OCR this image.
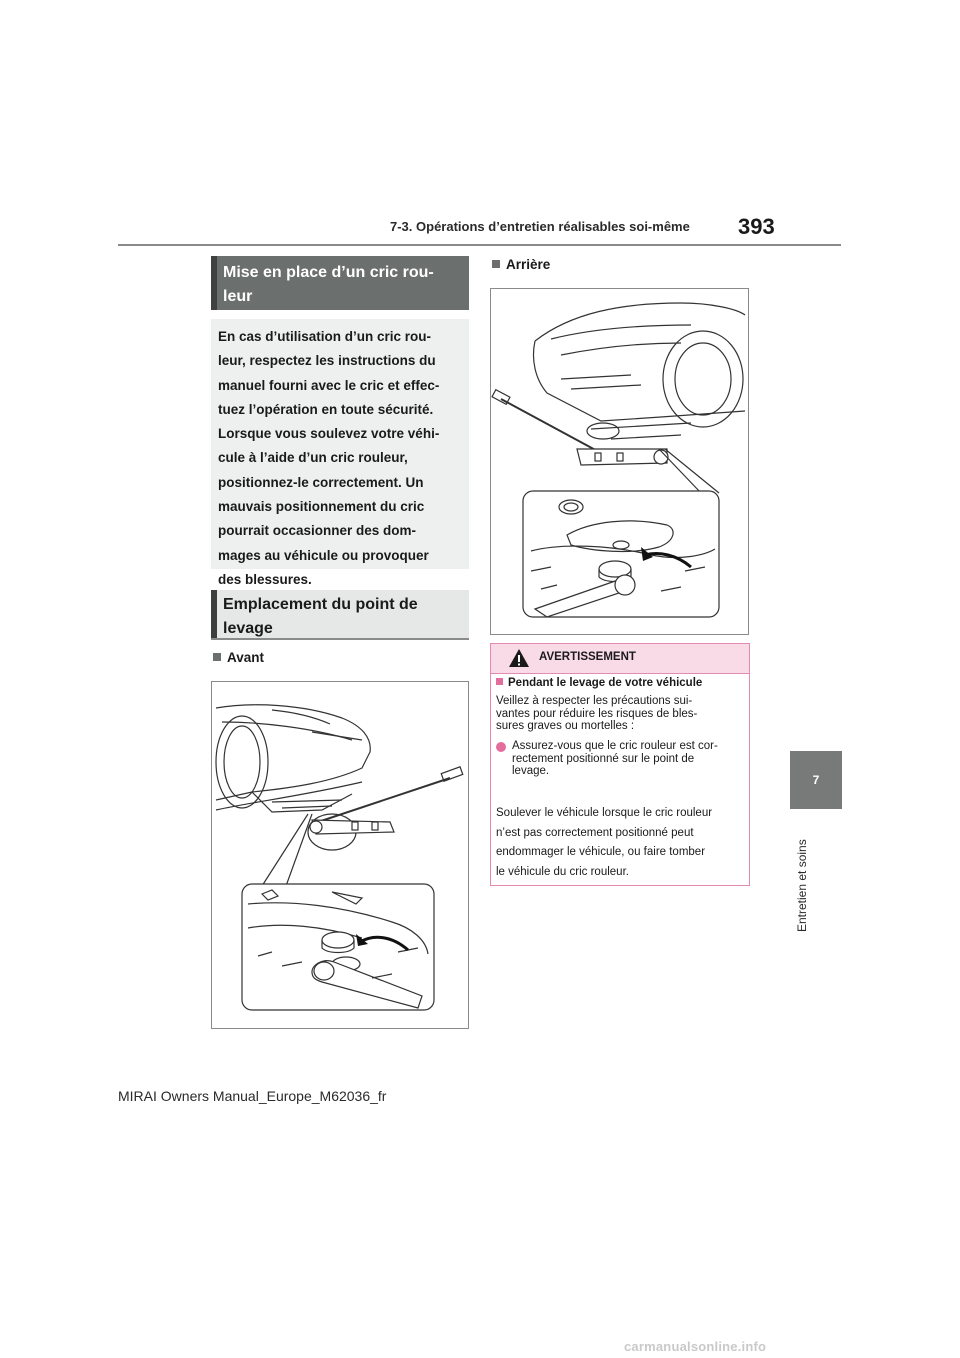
7-3. Opérations d’entretien réalisables soi-même 393
7
Entretien et soins
Mise en place d’un cric rou-
leur

En cas d’utilisation d’un cric rou-
leur, respectez les instructions du
manuel fourni avec le cric et effec-
tuez l’opération en toute sécurité.
Lorsque vous soulevez votre véhi-
cule à l’aide d’un cric rouleur,
positionnez-le correctement. Un
mauvais positionnement du cric
pourrait occasionner des dom-
mages au véhicule ou provoquer
des blessures.

Emplacement du point de
levage
Avant
Arrière
AVERTISSEMENT
Pendant le levage de votre véhicule
Veillez à respecter les précautions sui-
vantes pour réduire les risques de bles-
sures graves ou mortelles :
Assurez-vous que le cric rouleur est cor-
rectement positionné sur le point de
levage.
Soulever le véhicule lorsque le cric rouleur
n’est pas correctement positionné peut
endommager le véhicule, ou faire tomber
le véhicule du cric rouleur.
MIRAI Owners Manual_Europe_M62036_fr
carmanualsonline.info
